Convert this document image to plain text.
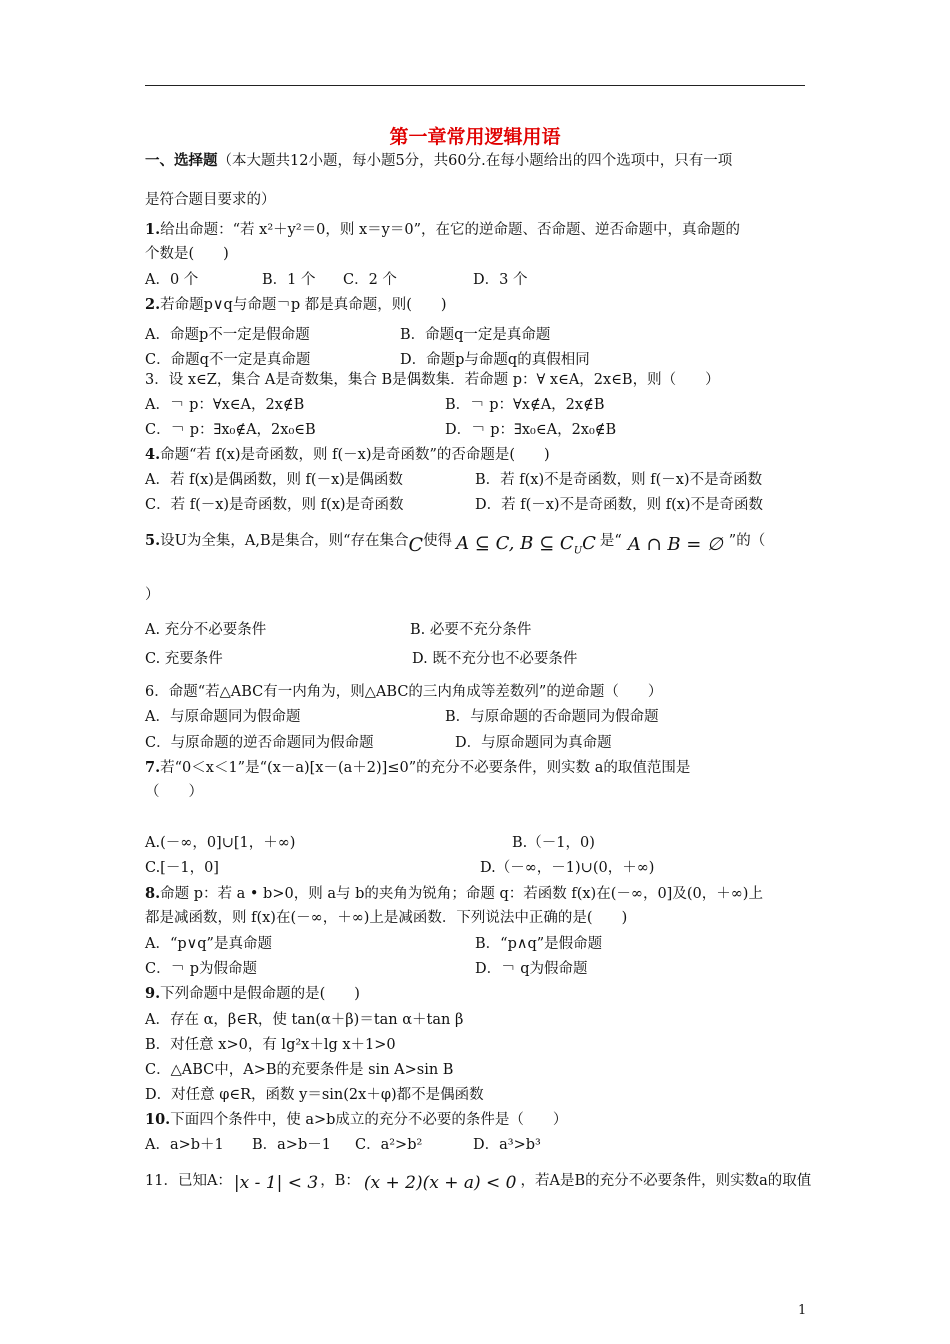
第一章常用逻辑用语
一、选择题（本大题共12小题，每小题5分，共60分.在每小题给出的四个选项中，只有一项
是符合题目要求的）
1.给出命题：“若 x²＋y²＝0，则 x＝y＝0”，在它的逆命题、否命题、逆否命题中，真命题的
个数是(　　)
A．0 个	B．1 个 C．2 个	D．3 个
2.若命题p∨q与命题￢p 都是真命题，则(　　)
A．命题p不一定是假命题	B．命题q一定是真命题
C．命题q不一定是真命题	D．命题p与命题q的真假相同
3．设 x∈Z，集合 A是奇数集，集合 B是偶数集．若命题 p：∀ x∈A，2x∈B，则（　　）
A．￢ p：∀x∈A，2x∉B	B．￢ p：∀x∉A，2x∉B
C．￢ p：∃x₀∉A，2x₀∈B	D．￢ p：∃x₀∈A，2x₀∉B
4.命题“若 f(x)是奇函数，则 f(－x)是奇函数”的否命题是(　　)
A．若 f(x)是偶函数，则 f(－x)是偶函数	B．若 f(x)不是奇函数，则 f(－x)不是奇函数
C．若 f(－x)是奇函数，则 f(x)是奇函数	D．若 f(－x)不是奇函数，则 f(x)不是奇函数
5.设U为全集，A,B是集合，则“存在集合C使得 A ⊆ C, B ⊆ $C_UC$ 是“ A ∩ B = ∅ ”的（
）
A. 充分不必要条件	B. 必要不充分条件
C. 充要条件	D. 既不充分也不必要条件
6．命题“若△ABC有一内角为，则△ABC的三内角成等差数列”的逆命题（　　）
A．与原命题同为假命题	B．与原命题的否命题同为假命题
C．与原命题的逆否命题同为假命题	D．与原命题同为真命题
7.若“0＜x＜1”是“(x－a)[x－(a＋2)]≤0”的充分不必要条件，则实数 a的取值范围是
（　　）
A.(－∞，0]∪[1，＋∞)	B.（－1，0)
C.[－1，0]	D.（－∞，－1)∪(0，＋∞)
8.命题 p：若 a • b>0，则 a与 b的夹角为锐角；命题 q：若函数 f(x)在(－∞，0]及(0，＋∞)上
都是减函数，则 f(x)在(－∞，＋∞)上是减函数．下列说法中正确的是(　　)
A．“p∨q”是真命题	B．“p∧q”是假命题
C．￢ p为假命题	D．￢ q为假命题
9.下列命题中是假命题的是(　　)
A．存在 α，β∈R，使 tan(α＋β)＝tan α＋tan β
B．对任意 x>0，有 lg²x＋lg x＋1>0
C．△ABC中，A>B的充要条件是 sin A>sin B
D．对任意 φ∈R，函数 y＝sin(2x＋φ)都不是偶函数
10.下面四个条件中，使 a>b成立的充分不必要的条件是（　　）
A．a>b＋1 B．a>b－1 C．a²>b²	D．a³>b³
11．已知A： |x - 1| < 3 ，B： (x + 2)(x + a) < 0 ，若A是B的充分不必要条件，则实数a的取值
1
